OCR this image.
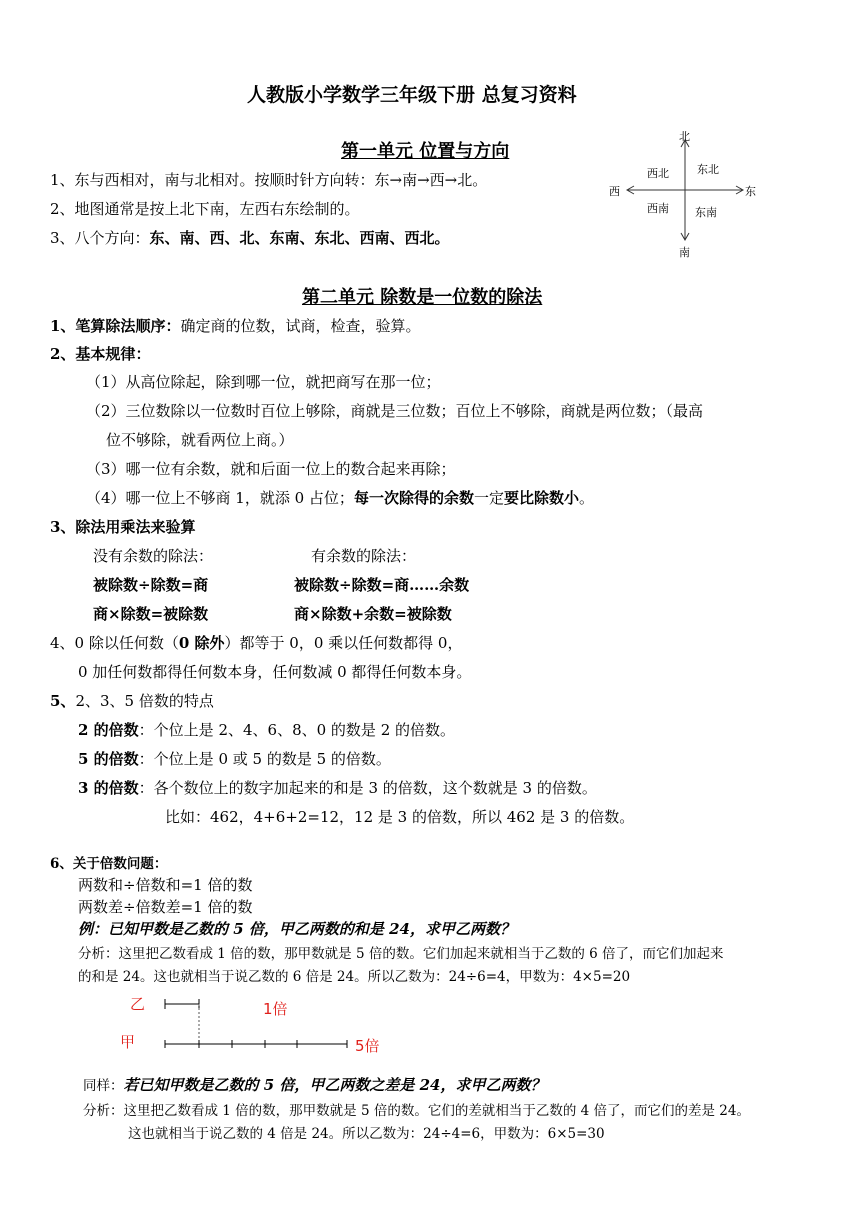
人教版小学数学三年级下册 总复习资料
第一单元 位置与方向
1、东与西相对，南与北相对。按顺时针方向转：东→南→西→北。
2、地图通常是按上北下南，左西右东绘制的。
3、八个方向：东、南、西、北、东南、东北、西南、西北。
北
南
西	东
西北	东北
西南 东南
第二单元 除数是一位数的除法
1、笔算除法顺序：确定商的位数，试商，检查，验算。
2、基本规律：
（1）从高位除起，除到哪一位，就把商写在那一位；
（2）三位数除以一位数时百位上够除，商就是三位数；百位上不够除，商就是两位数；（最高
位不够除，就看两位上商。）
（3）哪一位有余数，就和后面一位上的数合起来再除；
（4）哪一位上不够商 1，就添 0 占位；每一次除得的余数一定要比除数小。
3、除法用乘法来验算
没有余数的除法：	有余数的除法：
被除数÷除数=商	被除数÷除数=商……余数
商×除数=被除数	商×除数+余数=被除数
4、0 除以任何数（0 除外）都等于 0，0 乘以任何数都得 0，
0 加任何数都得任何数本身，任何数减 0 都得任何数本身。
5、2、3、5 倍数的特点
2 的倍数：个位上是 2、4、6、8、0 的数是 2 的倍数。
5 的倍数：个位上是 0 或 5 的数是 5 的倍数。
3 的倍数：各个数位上的数字加起来的和是 3 的倍数，这个数就是 3 的倍数。
比如：462，4+6+2=12，12 是 3 的倍数，所以 462 是 3 的倍数。
6、关于倍数问题：
两数和÷倍数和=1 倍的数
两数差÷倍数差=1 倍的数
例：已知甲数是乙数的 5 倍，甲乙两数的和是 24，求甲乙两数？
分析：这里把乙数看成 1 倍的数，那甲数就是 5 倍的数。它们加起来就相当于乙数的 6 倍了，而它们加起来
的和是 24。这也就相当于说乙数的 6 倍是 24。所以乙数为：24÷6=4，甲数为：4×5=20
乙
甲
1倍
5倍
同样：若已知甲数是乙数的 5 倍，甲乙两数之差是 24，求甲乙两数？
分析：这里把乙数看成 1 倍的数，那甲数就是 5 倍的数。它们的差就相当于乙数的 4 倍了，而它们的差是 24。
这也就相当于说乙数的 4 倍是 24。所以乙数为：24÷4=6，甲数为：6×5=30
